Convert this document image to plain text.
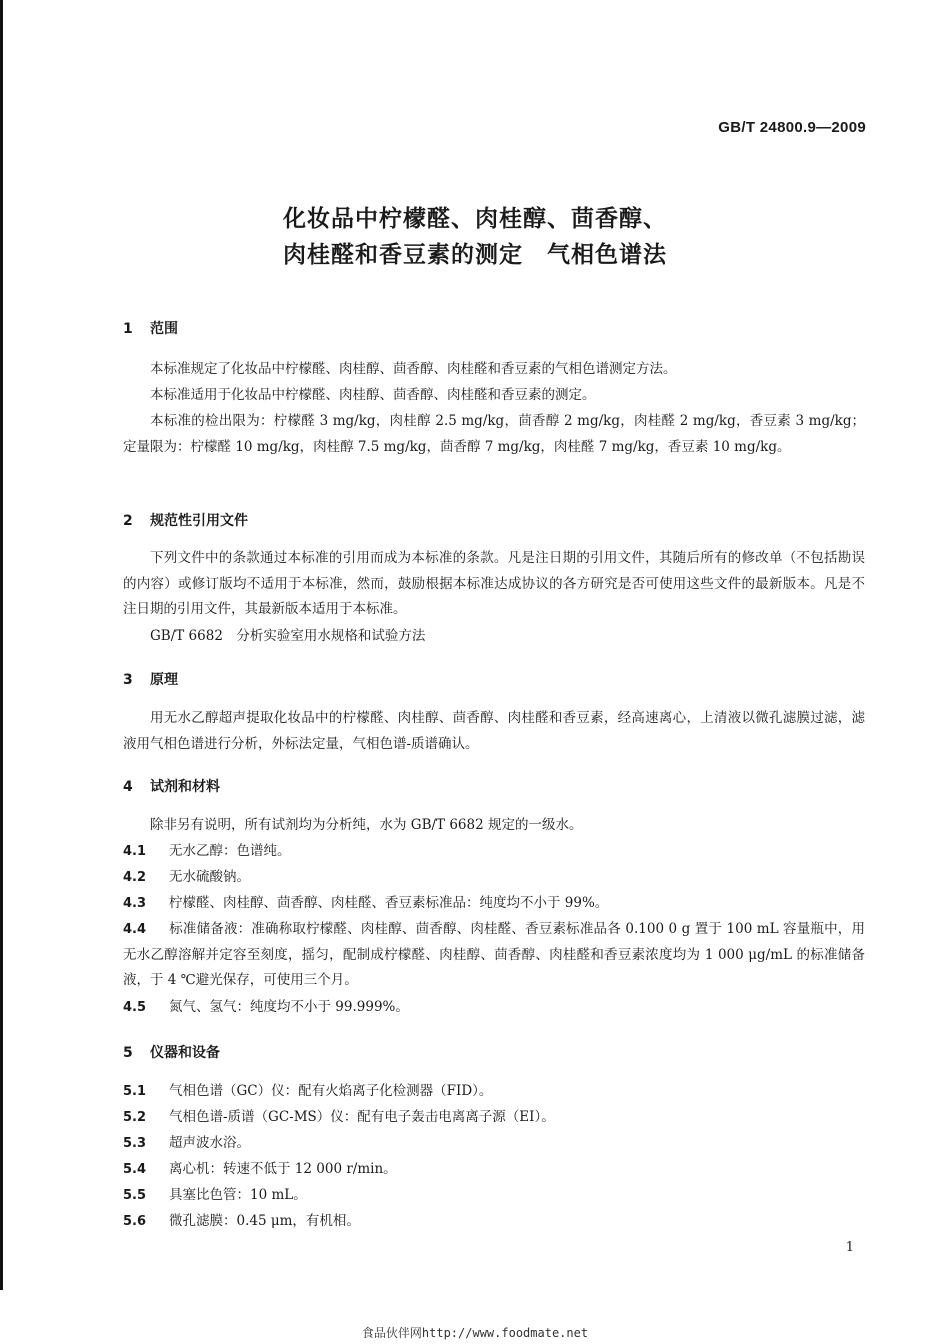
GB/T 24800.9—2009
化妆品中柠檬醛、肉桂醇、茴香醇、
肉桂醛和香豆素的测定　气相色谱法
1 范围
本标准规定了化妆品中柠檬醛、肉桂醇、茴香醇、肉桂醛和香豆素的气相色谱测定方法。
本标准适用于化妆品中柠檬醛、肉桂醇、茴香醇、肉桂醛和香豆素的测定。
本标准的检出限为：柠檬醛 3 mg/kg，肉桂醇 2.5 mg/kg，茴香醇 2 mg/kg，肉桂醛 2 mg/kg，香豆素 3 mg/kg；定量限为：柠檬醛 10 mg/kg，肉桂醇 7.5 mg/kg，茴香醇 7 mg/kg，肉桂醛 7 mg/kg，香豆素 10 mg/kg。
2 规范性引用文件
下列文件中的条款通过本标准的引用而成为本标准的条款。凡是注日期的引用文件，其随后所有的修改单（不包括勘误的内容）或修订版均不适用于本标准，然而，鼓励根据本标准达成协议的各方研究是否可使用这些文件的最新版本。凡是不注日期的引用文件，其最新版本适用于本标准。
GB/T 6682　分析实验室用水规格和试验方法
3 原理
用无水乙醇超声提取化妆品中的柠檬醛、肉桂醇、茴香醇、肉桂醛和香豆素，经高速离心，上清液以微孔滤膜过滤，滤液用气相色谱进行分析，外标法定量，气相色谱-质谱确认。
4 试剂和材料
除非另有说明，所有试剂均为分析纯，水为 GB/T 6682 规定的一级水。
4.1 无水乙醇：色谱纯。
4.2 无水硫酸钠。
4.3 柠檬醛、肉桂醇、茴香醇、肉桂醛、香豆素标准品：纯度均不小于 99%。
4.4 标准储备液：准确称取柠檬醛、肉桂醇、茴香醇、肉桂醛、香豆素标准品各 0.100 0 g 置于 100 mL 容量瓶中，用无水乙醇溶解并定容至刻度，摇匀，配制成柠檬醛、肉桂醇、茴香醇、肉桂醛和香豆素浓度均为 1 000 μg/mL 的标准储备液，于 4 ℃避光保存，可使用三个月。
4.5 氮气、氢气：纯度均不小于 99.999%。
5 仪器和设备
5.1 气相色谱（GC）仪：配有火焰离子化检测器（FID）。
5.2 气相色谱-质谱（GC-MS）仪：配有电子轰击电离离子源（EI）。
5.3 超声波水浴。
5.4 离心机：转速不低于 12 000 r/min。
5.5 具塞比色管：10 mL。
5.6 微孔滤膜：0.45 μm，有机相。
1
食品伙伴网http://www.foodmate.net
